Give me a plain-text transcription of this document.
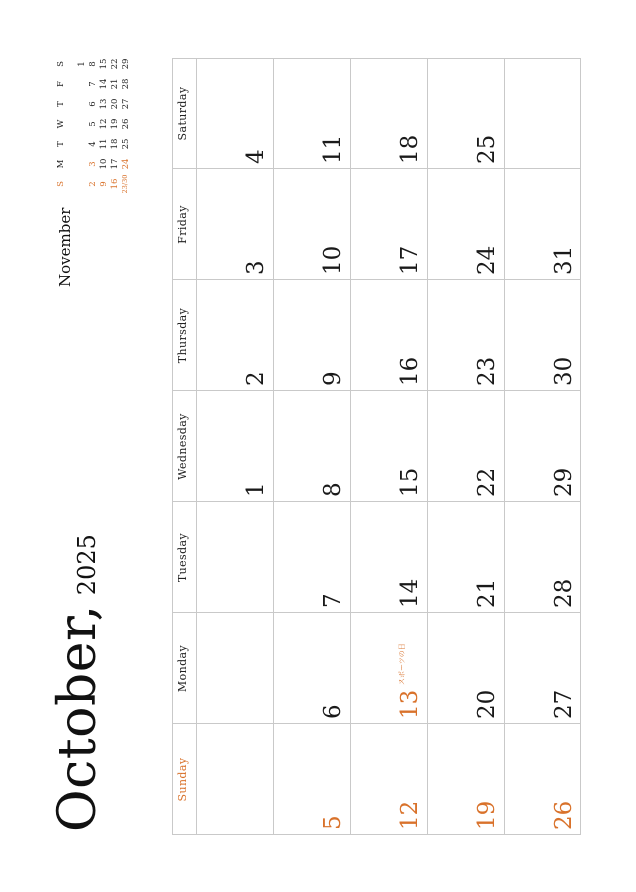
October, 2025
November
S
M
T
W
T
F
S 1
2
3
4
5
6
7
8
9
10
11
12
13
14
15
16
17
18
19
20
21
22
23/30
24
25
26
27
28
29
Sunday
Monday
Tuesday
Wednesday
Thursday
Friday
Saturday
1
2
3
4
5
6
7
8
9
10
11
12
13
スポーツの日
14
15
16
17
18
19
20
21
22
23
24
25
26
27
28
29
30
31
